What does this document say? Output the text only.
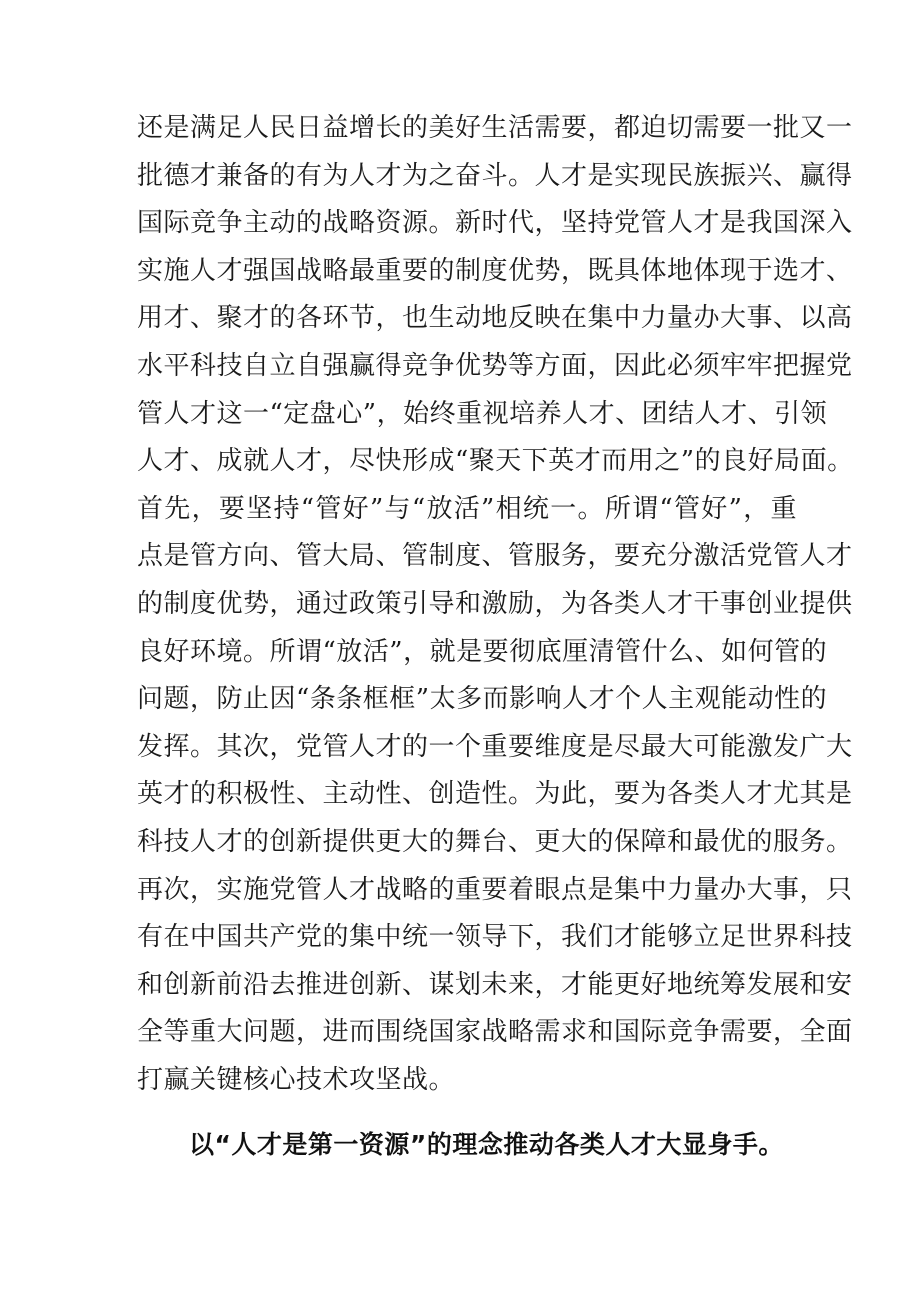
还是满足人民日益增长的美好生活需要，都迫切需要一批又一
批德才兼备的有为人才为之奋斗。人才是实现民族振兴、赢得
国际竞争主动的战略资源。新时代，坚持党管人才是我国深入
实施人才强国战略最重要的制度优势，既具体地体现于选才、
用才、聚才的各环节，也生动地反映在集中力量办大事、以高
水平科技自立自强赢得竞争优势等方面，因此必须牢牢把握党
管人才这一“定盘心”，始终重视培养人才、团结人才、引领
人才、成就人才，尽快形成“聚天下英才而用之”的良好局面。
首先，要坚持“管好”与“放活”相统一。所谓“管好”，重
点是管方向、管大局、管制度、管服务，要充分激活党管人才
的制度优势，通过政策引导和激励，为各类人才干事创业提供
良好环境。所谓“放活”，就是要彻底厘清管什么、如何管的
问题，防止因“条条框框”太多而影响人才个人主观能动性的
发挥。其次，党管人才的一个重要维度是尽最大可能激发广大
英才的积极性、主动性、创造性。为此，要为各类人才尤其是
科技人才的创新提供更大的舞台、更大的保障和最优的服务。
再次，实施党管人才战略的重要着眼点是集中力量办大事，只
有在中国共产党的集中统一领导下，我们才能够立足世界科技
和创新前沿去推进创新、谋划未来，才能更好地统筹发展和安
全等重大问题，进而围绕国家战略需求和国际竞争需要，全面
打赢关键核心技术攻坚战。

以“人才是第一资源”的理念推动各类人才大显身手。
